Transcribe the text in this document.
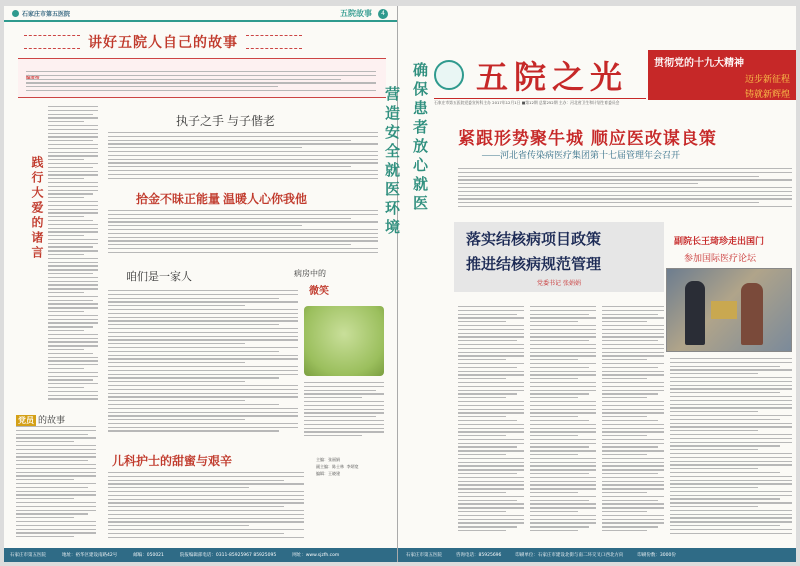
石家庄市第五医院	五院故事	4
讲好五院人自己的故事
践行大爱的诸言
执子之手 与子偕老
拾金不昧正能量 温暖人心你我他
咱们是一家人	病房中的
微笑
党员 的故事
儿科护士的甜蜜与艰辛	主编：张丽娟
副主编：陈士林  李炳宽
编辑：王晓建
石家庄市第五医院	地址：裕华区建设南路42号	邮编：050021	院报编辑部电话：0311-85925967 85925095	网址：www.sjzfh.com
营造安全就医环境 确保患者放心就医 五院之光
石家庄市第五医院党委宣传科主办 2017年12月1日 ■第12期 总第252期 主办：河北省卫生和计划生育委员会
贯彻党的十九大精神
迈步新征程
铸就新辉煌
紧跟形势聚牛城 顺应医改谋良策
——河北省传染病医疗集团第十七届管理年会召开
落实结核病项目政策
推进结核病规范管理
党委书记 张娟娟
副院长王琦珍走出国门
参加国际医疗论坛
石家庄市第五医院	咨询电话：85925696	印刷单位：石家庄市建设北街与南二环交叉口西北方向	印刷份数：3000份
